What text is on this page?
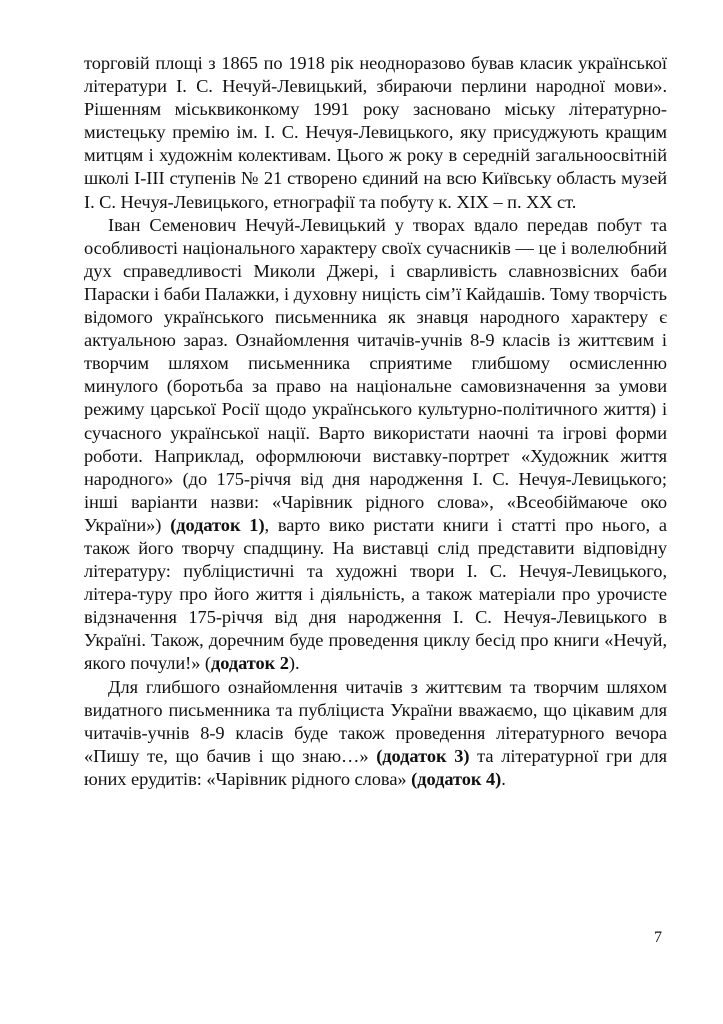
торговій площі з 1865 по 1918 рік неодноразово бував класик української літератури І. С. Нечуй-Левицький, збираючи перлини народної мови». Рішенням міськвиконкому 1991 року засновано міську літературно-мистецьку премію ім. І. С. Нечуя-Левицького, яку присуджують кращим митцям і художнім колективам. Цього ж року в середній загальноосвітній школі І-ІІІ ступенів № 21 створено єдиний на всю Київську область музей І. С. Нечуя-Левицького, етнографії та побуту к. ХІХ – п. ХХ ст.

Іван Семенович Нечуй-Левицький у творах вдало передав побут та особливості національного характеру своїх сучасників — це і волелюбний дух справедливості Миколи Джері, і сварливість славнозвісних баби Параски і баби Палажки, і духовну ницість сім’ї Кайдашів. Тому творчість відомого українського письменника як знавця народного характеру є актуальною зараз. Ознайомлення читачів-учнів 8-9 класів із життєвим і творчим шляхом письменника сприятиме глибшому осмисленню минулого (боротьба за право на національне самовизначення за умови режиму царської Росії щодо українського культурно-політичного життя) і сучасного української нації. Варто використати наочні та ігрові форми роботи. Наприклад, оформлюючи виставку-портрет «Художник життя народного» (до 175-річчя від дня народження І. С. Нечуя-Левицького; інші варіанти назви: «Чарівник рідного слова», «Всеобіймаюче око України») (додаток 1), варто вико ристати книги і статті про нього, а також його творчу спадщину. На виставці слід представити відповідну літературу: публіцистичні та художні твори І. С. Нечуя-Левицького, літера-туру про його життя і діяльність, а також матеріали про урочисте відзначення 175-річчя від дня народження І. С. Нечуя-Левицького в Україні. Також, доречним буде проведення циклу бесід про книги «Нечуй, якого почули!» (додаток 2).

Для глибшого ознайомлення читачів з життєвим та творчим шляхом видатного письменника та публіциста України вважаємо, що цікавим для читачів-учнів 8-9 класів буде також проведення літературного вечора «Пишу те, що бачив і що знаю…» (додаток 3) та літературної гри для юних ерудитів: «Чарівник рідного слова» (додаток 4).

7
